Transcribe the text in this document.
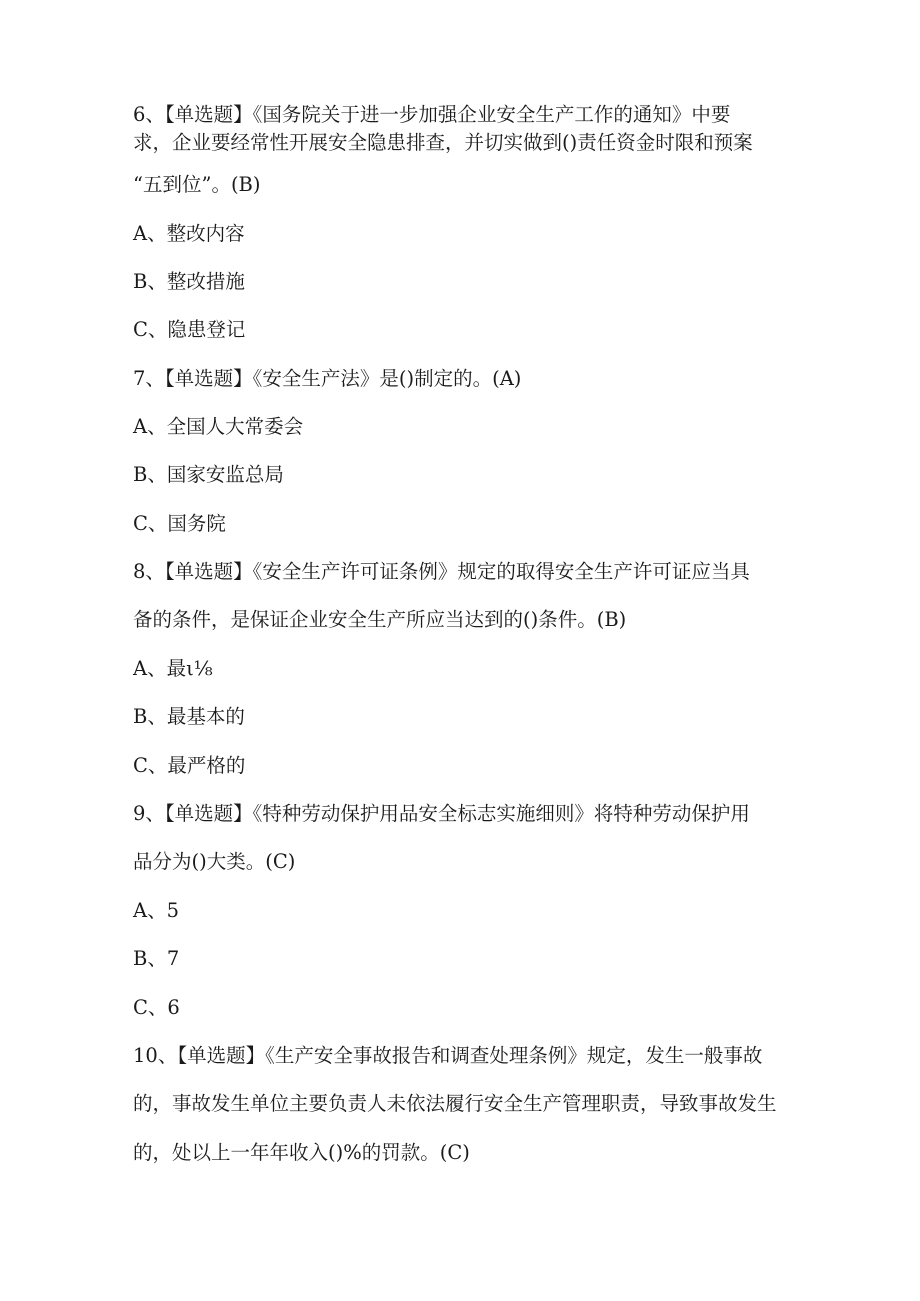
6、【单选题】《国务院关于进一步加强企业安全生产工作的通知》中要
求，企业要经常性开展安全隐患排查，并切实做到()责任资金时限和预案
“五到位”。(B)
A、整改内容
B、整改措施
C、隐患登记
7、【单选题】《安全生产法》是()制定的。(A)
A、全国人大常委会
B、国家安监总局
C、国务院
8、【单选题】《安全生产许可证条例》规定的取得安全生产许可证应当具
备的条件，是保证企业安全生产所应当达到的()条件。(B)
A、最ι⅛
B、最基本的
C、最严格的
9、【单选题】《特种劳动保护用品安全标志实施细则》将特种劳动保护用
品分为()大类。(C)
A、5
B、7
C、6
10、【单选题】《生产安全事故报告和调查处理条例》规定，发生一般事故
的，事故发生单位主要负责人未依法履行安全生产管理职责，导致事故发生
的，处以上一年年收入()%的罚款。(C)
